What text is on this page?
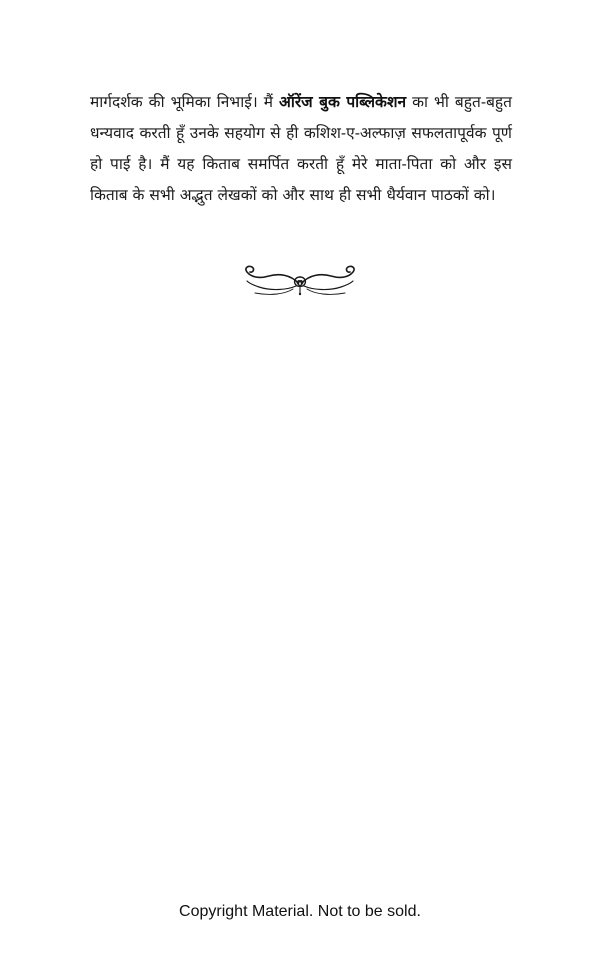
मार्गदर्शक की भूमिका निभाई। मैं ऑरेंज बुक पब्लिकेशन का भी बहुत-बहुत धन्यवाद करती हूँ उनके सहयोग से ही कशिश-ए-अल्फाज़ सफलतापूर्वक पूर्ण हो पाई है। मैं यह किताब समर्पित करती हूँ मेरे माता-पिता को और इस किताब के सभी अद्भुत लेखकों को और साथ ही सभी धैर्यवान पाठकों को।

Copyright Material. Not to be sold.
